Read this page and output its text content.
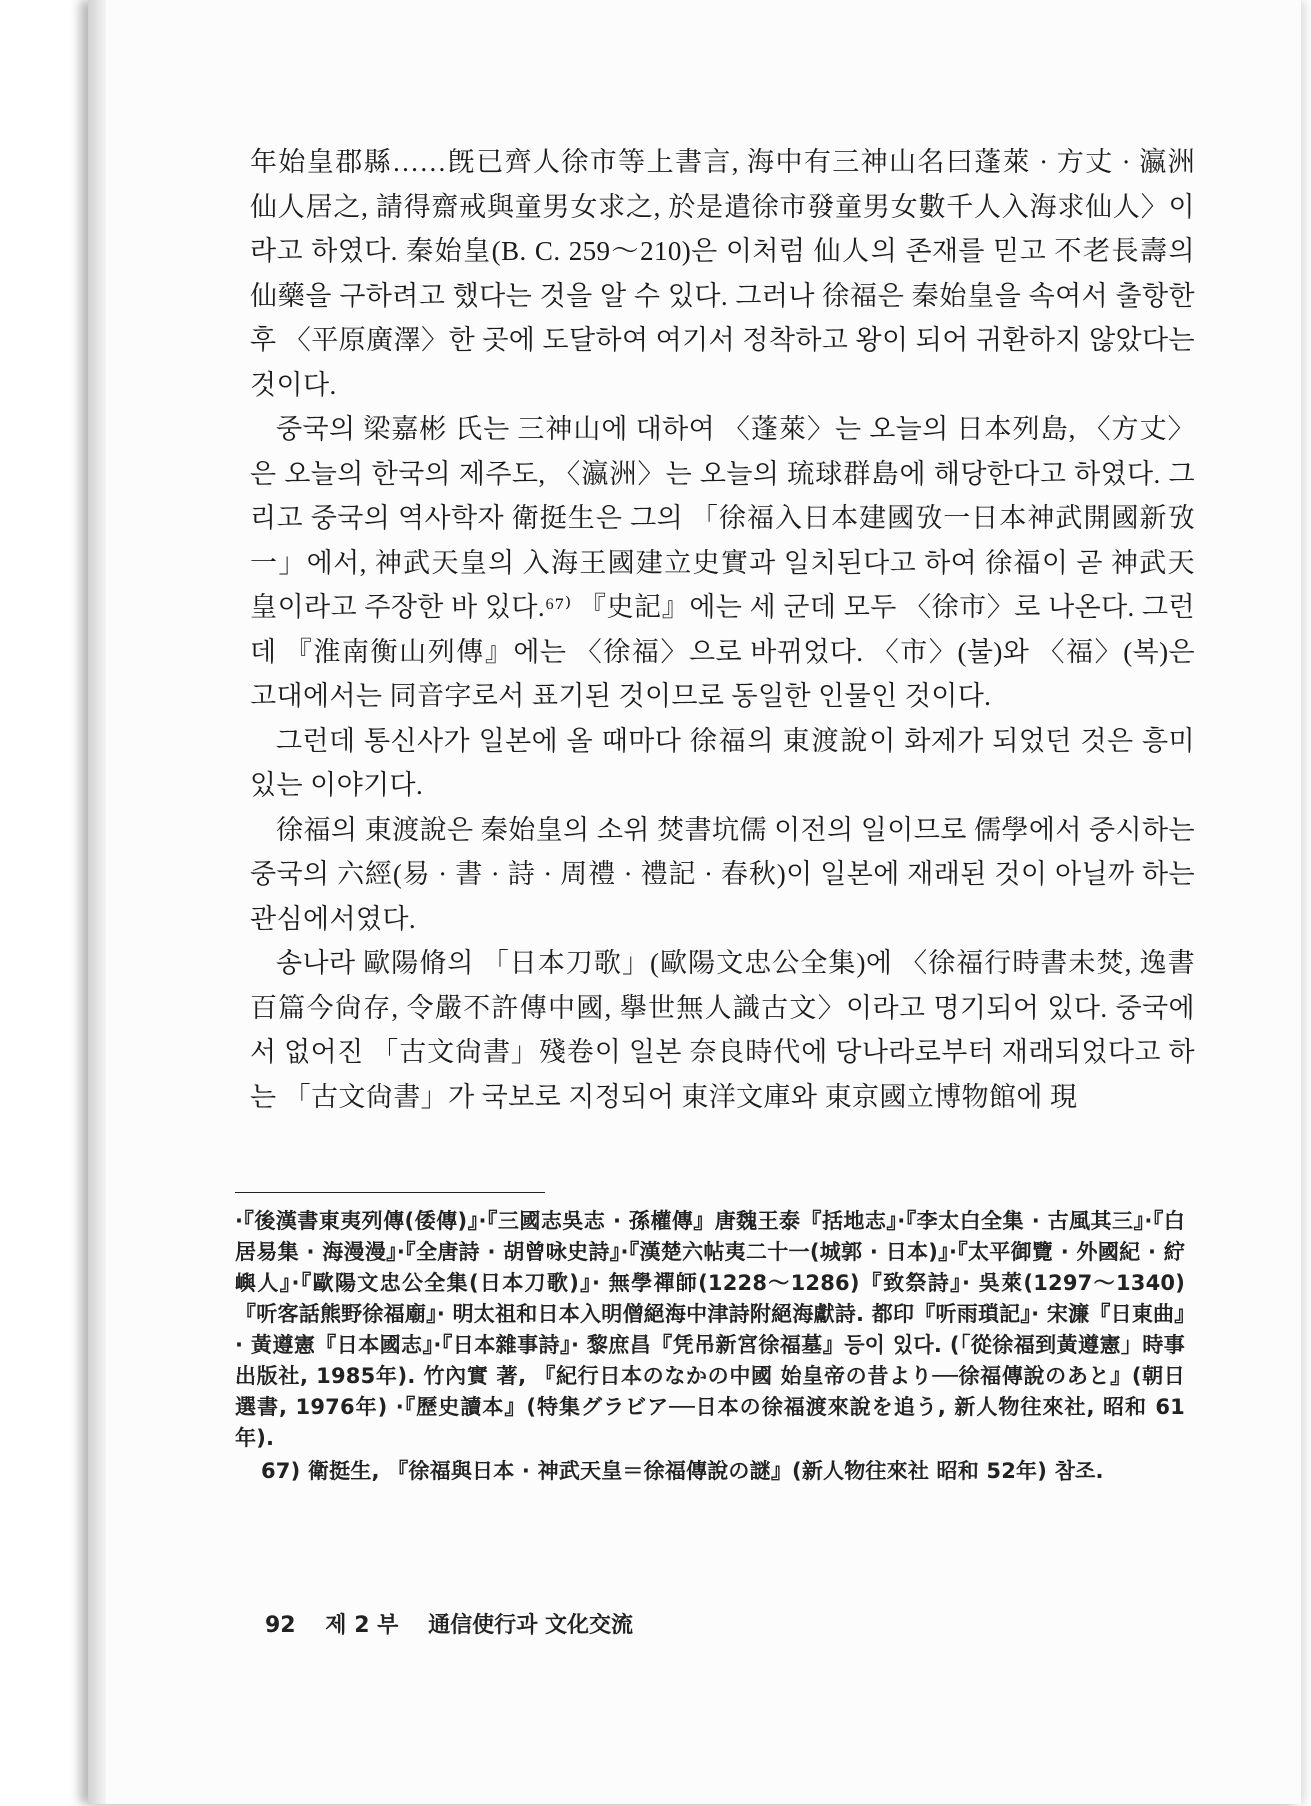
年始皇郡縣……旣已齊人徐市等上書言, 海中有三神山名曰蓬萊 · 方丈 · 瀛洲 仙人居之, 請得齋戒與童男女求之, 於是遣徐市發童男女數千人入海求仙人〉이라고 하였다. 秦始皇(B. C. 259〜210)은 이처럼 仙人의 존재를 믿고 不老長壽의 仙藥을 구하려고 했다는 것을 알 수 있다. 그러나 徐福은 秦始皇을 속여서 출항한 후 〈平原廣澤〉한 곳에 도달하여 여기서 정착하고 왕이 되어 귀환하지 않았다는 것이다.

중국의 梁嘉彬 氏는 三神山에 대하여 〈蓬萊〉는 오늘의 日本列島, 〈方丈〉은 오늘의 한국의 제주도, 〈瀛洲〉는 오늘의 琉球群島에 해당한다고 하였다. 그리고 중국의 역사학자 衛挺生은 그의 「徐福入日本建國攷一日本神武開國新攷一」에서, 神武天皇의 入海王國建立史實과 일치된다고 하여 徐福이 곧 神武天皇이라고 주장한 바 있다.⁶⁷⁾ 『史記』에는 세 군데 모두 〈徐市〉로 나온다. 그런데 『淮南衡山列傳』에는 〈徐福〉으로 바뀌었다. 〈市〉(불)와 〈福〉(복)은 고대에서는 同音字로서 표기된 것이므로 동일한 인물인 것이다.

그런데 통신사가 일본에 올 때마다 徐福의 東渡說이 화제가 되었던 것은 흥미있는 이야기다.

徐福의 東渡說은 秦始皇의 소위 焚書坑儒 이전의 일이므로 儒學에서 중시하는 중국의 六經(易 · 書 · 詩 · 周禮 · 禮記 · 春秋)이 일본에 재래된 것이 아닐까 하는 관심에서였다.

송나라 歐陽脩의 「日本刀歌」(歐陽文忠公全集)에 〈徐福行時書未焚, 逸書百篇今尙存, 令嚴不許傳中國, 擧世無人識古文〉이라고 명기되어 있다. 중국에서 없어진 「古文尙書」殘卷이 일본 奈良時代에 당나라로부터 재래되었다고 하는 「古文尙書」가 국보로 지정되어 東洋文庫와 東京國立博物館에 現

·『後漢書東夷列傳(倭傳)』·『三國志吳志 · 孫權傳』唐魏王泰『括地志』·『李太白全集 · 古風其三』·『白居易集 · 海漫漫』·『全唐詩 · 胡曾咏史詩』·『漢楚六帖夷二十一(城郭 · 日本)』·『太平御覽 · 外國紀 · 紵嶼人』·『歐陽文忠公全集(日本刀歌)』· 無學禪師(1228〜1286)『致祭詩』· 吳萊(1297〜1340)『听客話熊野徐福廟』· 明太祖和日本入明僧絕海中津詩附絕海獻詩. 都印『听雨瑣記』· 宋濂『日東曲』· 黃遵憲『日本國志』·『日本雜事詩』· 黎庶昌『凭吊新宮徐福墓』등이 있다. (「從徐福到黃遵憲」時事出版社, 1985年). 竹內實 著, 『紀行日本のなかの中國 始皇帝の昔より──徐福傳說のあと』(朝日選書, 1976年) ·『歷史讀本』(特集グラビア──日本の徐福渡來說を追う, 新人物往來社, 昭和 61年).

67) 衛挺生, 『徐福與日本 · 神武天皇＝徐福傳說の謎』(新人物往來社 昭和 52年) 참조.

92 제 2 부 通信使行과 文化交流
